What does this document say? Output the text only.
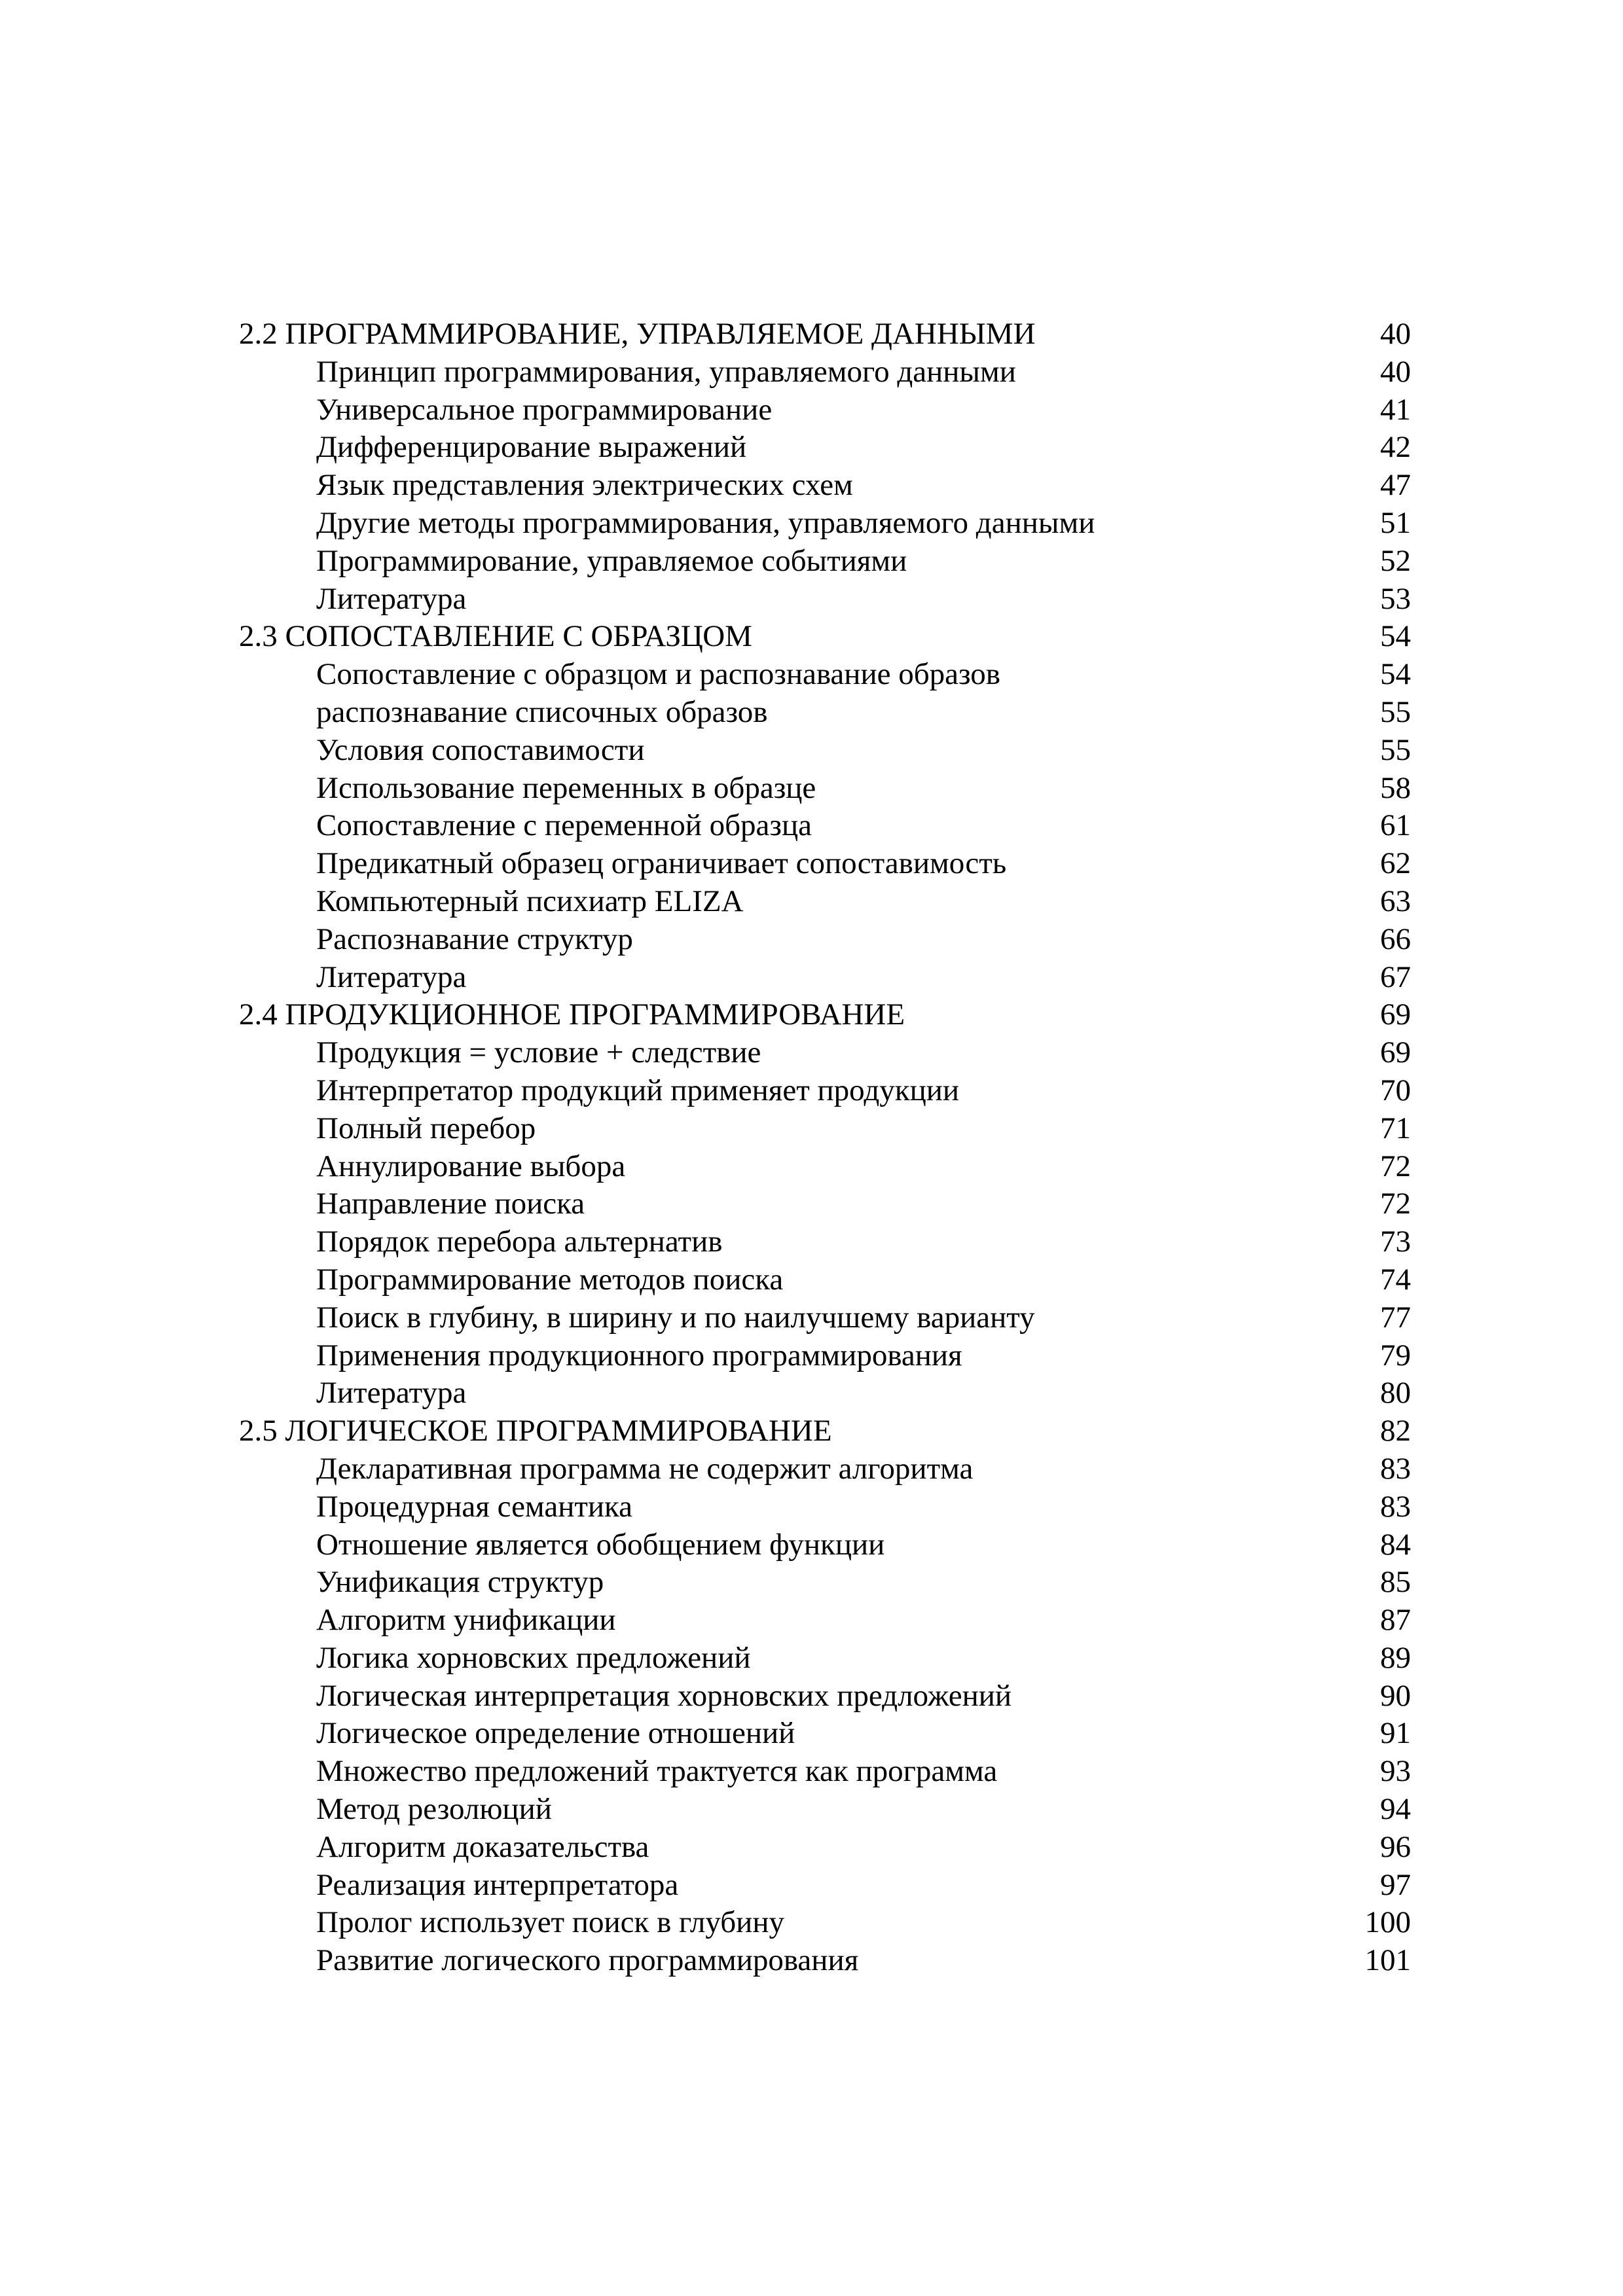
2.2 ПРОГРАММИРОВАНИЕ, УПРАВЛЯЕМОЕ ДАННЫМИ	40
Принцип программирования, управляемого данными	40
Универсальное программирование	41
Дифференцирование выражений	42
Язык представления электрических схем	47
Другие методы программирования, управляемого данными	51
Программирование, управляемое событиями	52
Литература	53
2.3 СОПОСТАВЛЕНИЕ С ОБРАЗЦОМ	54
Сопоставление с образцом и распознавание образов	54
распознавание списочных образов	55
Условия сопоставимости	55
Использование переменных в образце	58
Сопоставление с переменной образца	61
Предикатный образец ограничивает сопоставимость	62
Компьютерный психиатр ELIZA	63
Распознавание структур	66
Литература	67
2.4 ПРОДУКЦИОННОЕ ПРОГРАММИРОВАНИЕ	69
Продукция = условие + следствие	69
Интерпретатор продукций применяет продукции	70
Полный перебор	71
Аннулирование выбора	72
Направление поиска	72
Порядок перебора альтернатив	73
Программирование методов поиска	74
Поиск в глубину, в ширину и по наилучшему варианту	77
Применения продукционного программирования	79
Литература	80
2.5 ЛОГИЧЕСКОЕ ПРОГРАММИРОВАНИЕ	82
Декларативная программа не содержит алгоритма	83
Процедурная семантика	83
Отношение является обобщением функции	84
Унификация структур	85
Алгоритм унификации	87
Логика хорновских предложений	89
Логическая интерпретация хорновских предложений	90
Логическое определение отношений	91
Множество предложений трактуется как программа	93
Метод резолюций	94
Алгоритм доказательства	96
Реализация интерпретатора	97
Пролог использует поиск в глубину	100
Развитие логического программирования	101
